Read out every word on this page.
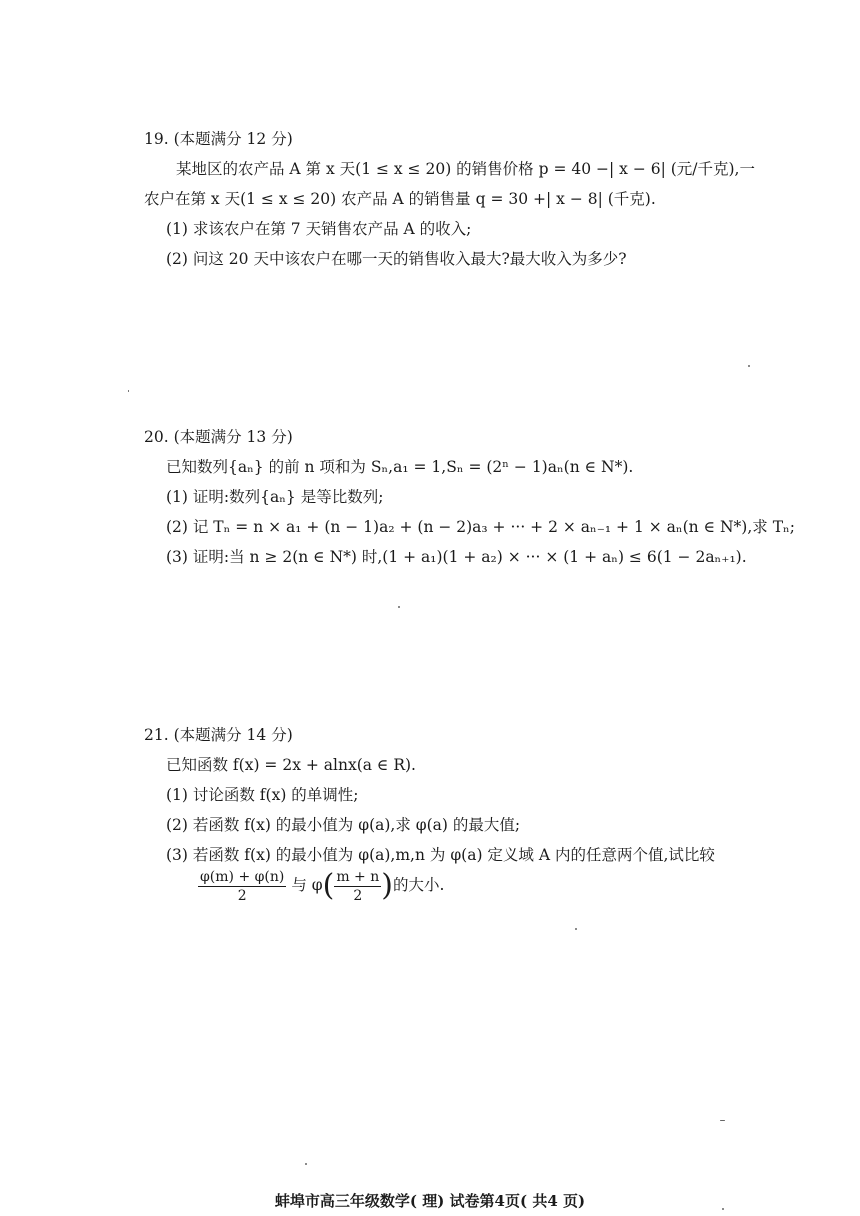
19. (本题满分 12 分)
某地区的农产品 A 第 x 天(1 ≤ x ≤ 20) 的销售价格 p = 40 −| x − 6| (元/千克),一
农户在第 x 天(1 ≤ x ≤ 20) 农产品 A 的销售量 q = 30 +| x − 8| (千克).
(1) 求该农户在第 7 天销售农产品 A 的收入;
(2) 问这 20 天中该农户在哪一天的销售收入最大?最大收入为多少?
20. (本题满分 13 分)
已知数列{aₙ} 的前 n 项和为 Sₙ,a₁ = 1,Sₙ = (2ⁿ − 1)aₙ(n ∈ N*).
(1) 证明:数列{aₙ} 是等比数列;
(2) 记 Tₙ = n × a₁ + (n − 1)a₂ + (n − 2)a₃ + ··· + 2 × aₙ₋₁ + 1 × aₙ(n ∈ N*),求 Tₙ;
(3) 证明:当 n ≥ 2(n ∈ N*) 时,(1 + a₁)(1 + a₂) × ··· × (1 + aₙ) ≤ 6(1 − 2aₙ₊₁).
21. (本题满分 14 分)
已知函数 f(x) = 2x + alnx(a ∈ R).
(1) 讨论函数 f(x) 的单调性;
(2) 若函数 f(x) 的最小值为 φ(a),求 φ(a) 的最大值;
(3) 若函数 f(x) 的最小值为 φ(a),m,n 为 φ(a) 定义域 A 内的任意两个值,试比较
$\frac{\varphi(m) + \varphi(n)}{2}$ 与 $\varphi( \frac{m + n}{2}$ )的大小.
蚌埠市高三年级数学( 理) 试卷第4页( 共4 页)
